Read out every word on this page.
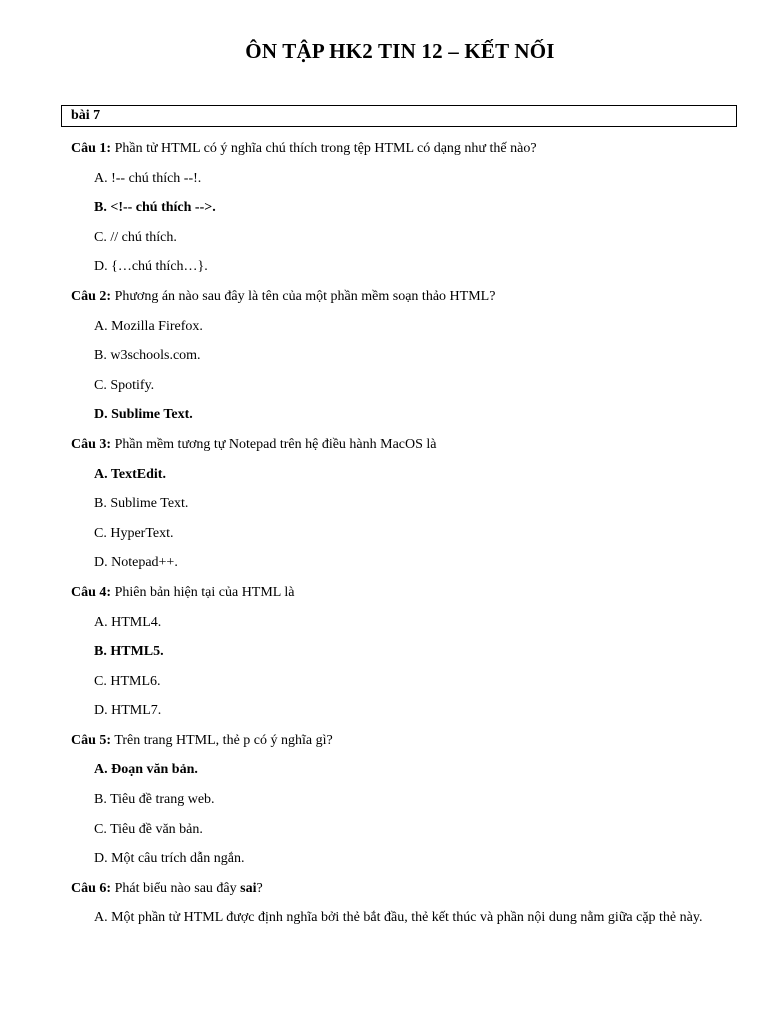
ÔN TẬP HK2 TIN 12 – KẾT NỐI
bài 7

Câu 1: Phần tử HTML có ý nghĩa chú thích trong tệp HTML có dạng như thế nào?

A. !-- chú thích --!.

B. <!-- chú thích -->.

C. // chú thích.

D. {…chú thích…}.

Câu 2: Phương án nào sau đây là tên của một phần mềm soạn thảo HTML?

A. Mozilla Firefox.

B. w3schools.com.

C. Spotify.

D. Sublime Text.

Câu 3: Phần mềm tương tự Notepad trên hệ điều hành MacOS là

A. TextEdit.

B. Sublime Text.

C. HyperText.

D. Notepad++.

Câu 4: Phiên bản hiện tại của HTML là

A. HTML4.

B. HTML5.

C. HTML6.

D. HTML7.

Câu 5: Trên trang HTML, thẻ p có ý nghĩa gì?

A. Đoạn văn bản.

B. Tiêu đề trang web.

C. Tiêu đề văn bản.

D. Một câu trích dẫn ngắn.

Câu 6: Phát biểu nào sau đây sai?

A. Một phần tử HTML được định nghĩa bởi thẻ bắt đầu, thẻ kết thúc và phần nội dung nằm giữa cặp thẻ này.
